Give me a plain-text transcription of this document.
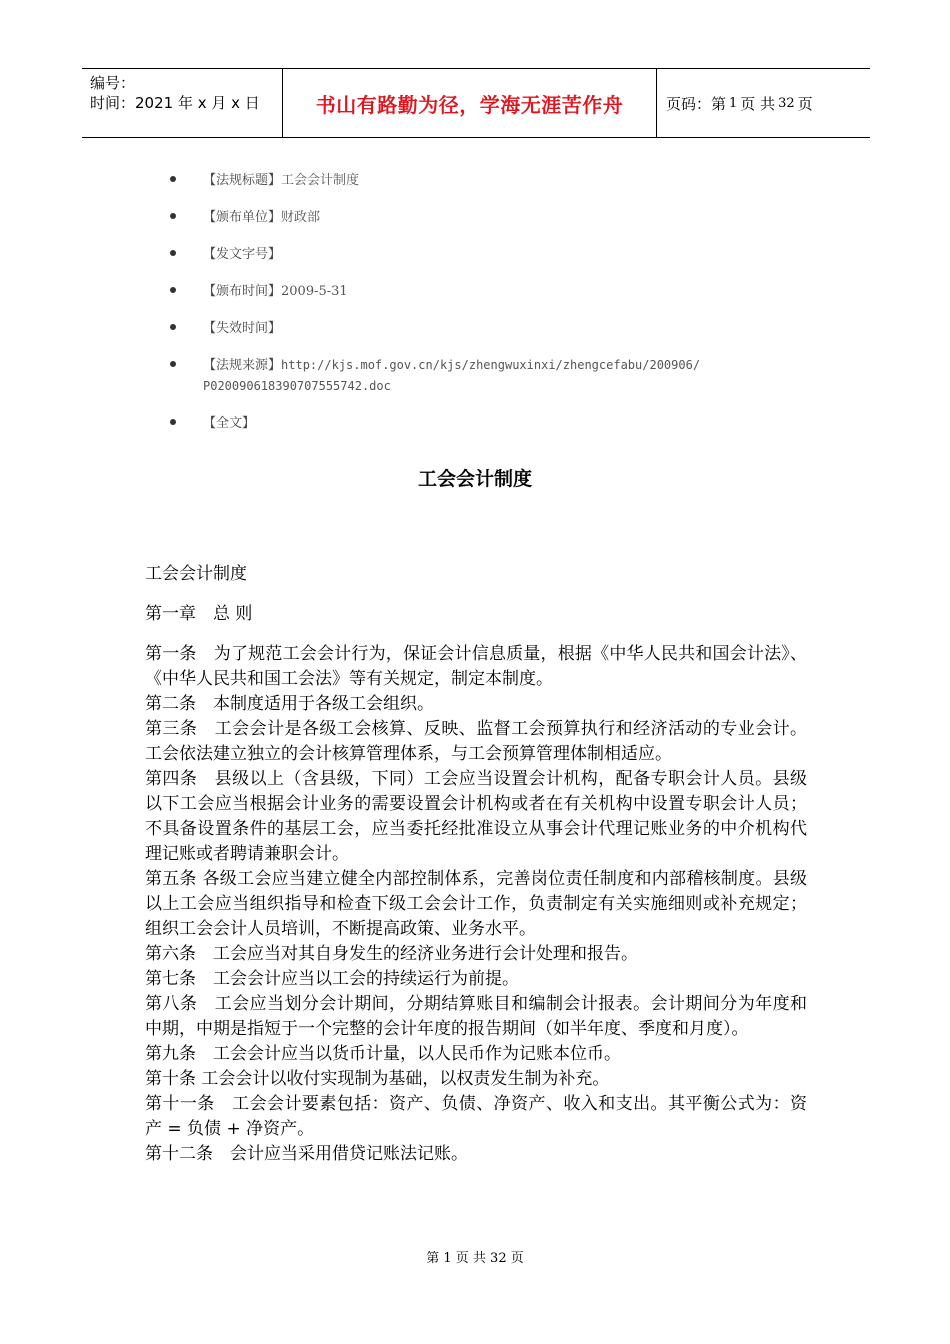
编号：
时间：2021 年 x 月 x 日	书山有路勤为径，学海无涯苦作舟	页码：第 1 页 共 32 页
【法规标题】工会会计制度
【颁布单位】财政部
【发文字号】
【颁布时间】2009-5-31
【失效时间】
【法规来源】http://kjs.mof.gov.cn/kjs/zhengwuxinxi/zhengcefabu/200906/
P020090618390707555742.doc
【全文】
工会会计制度

工会会计制度

第一章　总 则

第一条　为了规范工会会计行为，保证会计信息质量，根据《中华人民共和国会计法》、《中华人民共和国工会法》等有关规定，制定本制度。

第二条　本制度适用于各级工会组织。

第三条　工会会计是各级工会核算、反映、监督工会预算执行和经济活动的专业会计。工会依法建立独立的会计核算管理体系，与工会预算管理体制相适应。

第四条　县级以上（含县级，下同）工会应当设置会计机构，配备专职会计人员。县级以下工会应当根据会计业务的需要设置会计机构或者在有关机构中设置专职会计人员；不具备设置条件的基层工会，应当委托经批准设立从事会计代理记账业务的中介机构代理记账或者聘请兼职会计。

第五条 各级工会应当建立健全内部控制体系，完善岗位责任制度和内部稽核制度。县级以上工会应当组织指导和检查下级工会会计工作，负责制定有关实施细则或补充规定；组织工会会计人员培训，不断提高政策、业务水平。

第六条　工会应当对其自身发生的经济业务进行会计处理和报告。

第七条　工会会计应当以工会的持续运行为前提。

第八条　工会应当划分会计期间，分期结算账目和编制会计报表。会计期间分为年度和中期，中期是指短于一个完整的会计年度的报告期间（如半年度、季度和月度）。

第九条　工会会计应当以货币计量，以人民币作为记账本位币。

第十条 工会会计以收付实现制为基础，以权责发生制为补充。

第十一条　工会会计要素包括：资产、负债、净资产、收入和支出。其平衡公式为：资产 = 负债 + 净资产。

第十二条　会计应当采用借贷记账法记账。

第 1 页 共 32 页
